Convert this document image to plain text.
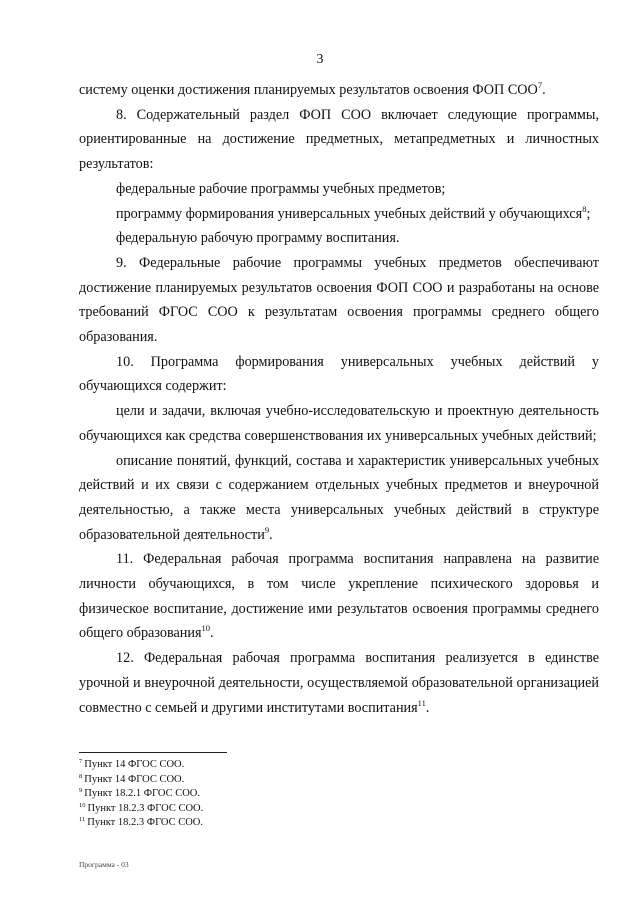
3

систему оценки достижения планируемых результатов освоения ФОП СОО$^7$.

8. Содержательный раздел ФОП СОО включает следующие программы, ориентированные на достижение предметных, метапредметных и личностных результатов:

федеральные рабочие программы учебных предметов;

программу формирования универсальных учебных действий у обучающихся$^8$;

федеральную рабочую программу воспитания.

9. Федеральные рабочие программы учебных предметов обеспечивают достижение планируемых результатов освоения ФОП СОО и разработаны на основе требований ФГОС СОО к результатам освоения программы среднего общего образования.

10. Программа формирования универсальных учебных действий у обучающихся содержит:

цели и задачи, включая учебно-исследовательскую и проектную деятельность обучающихся как средства совершенствования их универсальных учебных действий;

описание понятий, функций, состава и характеристик универсальных учебных действий и их связи с содержанием отдельных учебных предметов и внеурочной деятельностью, а также места универсальных учебных действий в структуре образовательной деятельности$^9$.

11. Федеральная рабочая программа воспитания направлена на развитие личности обучающихся, в том числе укрепление психического здоровья и физическое воспитание, достижение ими результатов освоения программы среднего общего образования$^{10}$.

12. Федеральная рабочая программа воспитания реализуется в единстве урочной и внеурочной деятельности, осуществляемой образовательной организацией совместно с семьей и другими институтами воспитания$^{11}$.

$^7$ Пункт 14 ФГОС СОО.
$^8$ Пункт 14 ФГОС СОО.
$^9$ Пункт 18.2.1 ФГОС СОО.
$^{10}$ Пункт 18.2.3 ФГОС СОО.
$^{11}$ Пункт 18.2.3 ФГОС СОО.
Программа - 03
